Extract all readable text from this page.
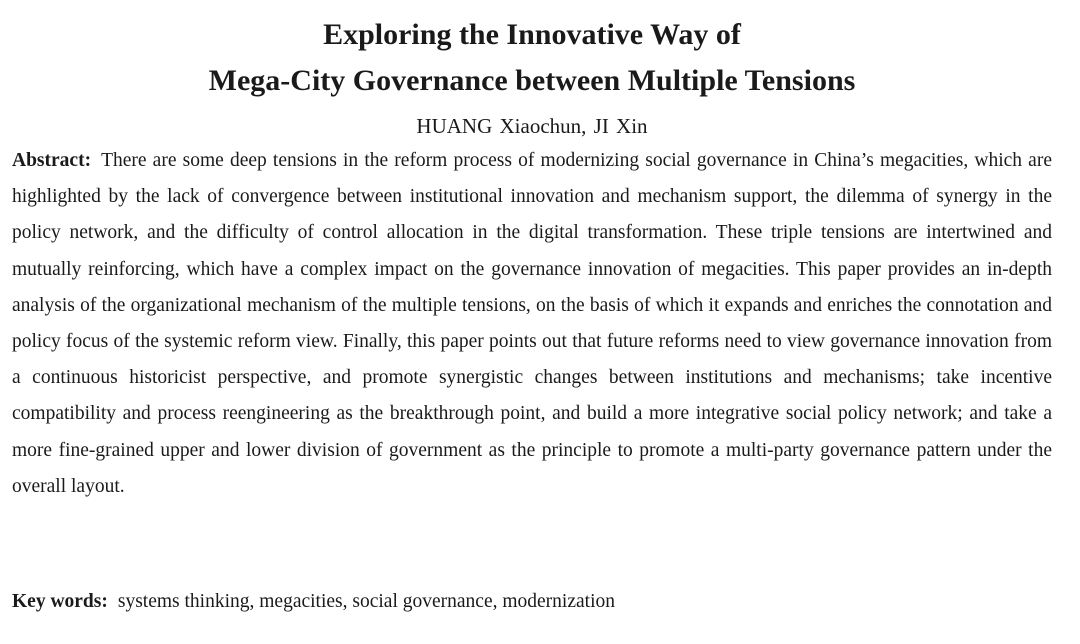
Exploring the Innovative Way of
Mega-City Governance between Multiple Tensions
HUANG Xiaochun, JI Xin

Abstract: There are some deep tensions in the reform process of modernizing social governance in China’s megacities, which are highlighted by the lack of convergence between institutional innovation and mechanism support, the dilemma of synergy in the policy network, and the difficulty of control allocation in the digital transformation. These triple tensions are intertwined and mutually reinforcing, which have a complex impact on the governance innovation of megacities. This paper provides an in-depth analysis of the organizational mechanism of the multiple tensions, on the basis of which it expands and enriches the connotation and policy focus of the systemic reform view. Finally, this paper points out that future reforms need to view governance innovation from a continuous historicist perspective, and promote synergistic changes between institutions and mechanisms; take incentive compatibility and process reengineering as the breakthrough point, and build a more integrative social policy network; and take a more fine-grained upper and lower division of government as the principle to promote a multi-party governance pattern under the overall layout.

Key words: systems thinking, megacities, social governance, modernization
